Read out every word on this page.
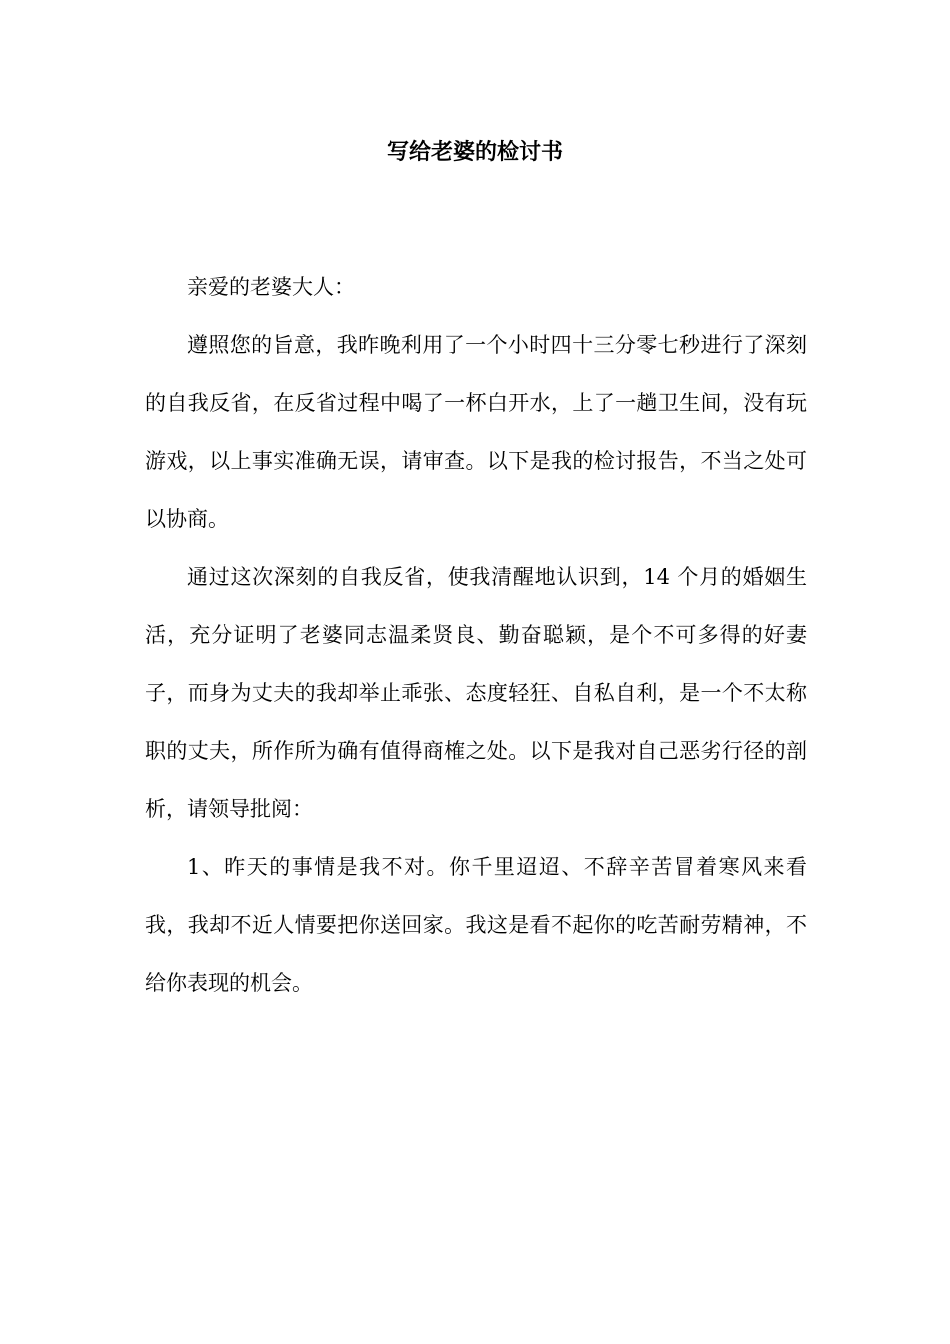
写给老婆的检讨书

亲爱的老婆大人：

遵照您的旨意，我昨晚利用了一个小时四十三分零七秒进行了深刻的自我反省，在反省过程中喝了一杯白开水，上了一趟卫生间，没有玩游戏，以上事实准确无误，请审查。以下是我的检讨报告，不当之处可以协商。

通过这次深刻的自我反省，使我清醒地认识到，14 个月的婚姻生活，充分证明了老婆同志温柔贤良、勤奋聪颖，是个不可多得的好妻子，而身为丈夫的我却举止乖张、态度轻狂、自私自利，是一个不太称职的丈夫，所作所为确有值得商榷之处。以下是我对自己恶劣行径的剖析，请领导批阅：

1、昨天的事情是我不对。你千里迢迢、不辞辛苦冒着寒风来看我，我却不近人情要把你送回家。我这是看不起你的吃苦耐劳精神，不给你表现的机会。
